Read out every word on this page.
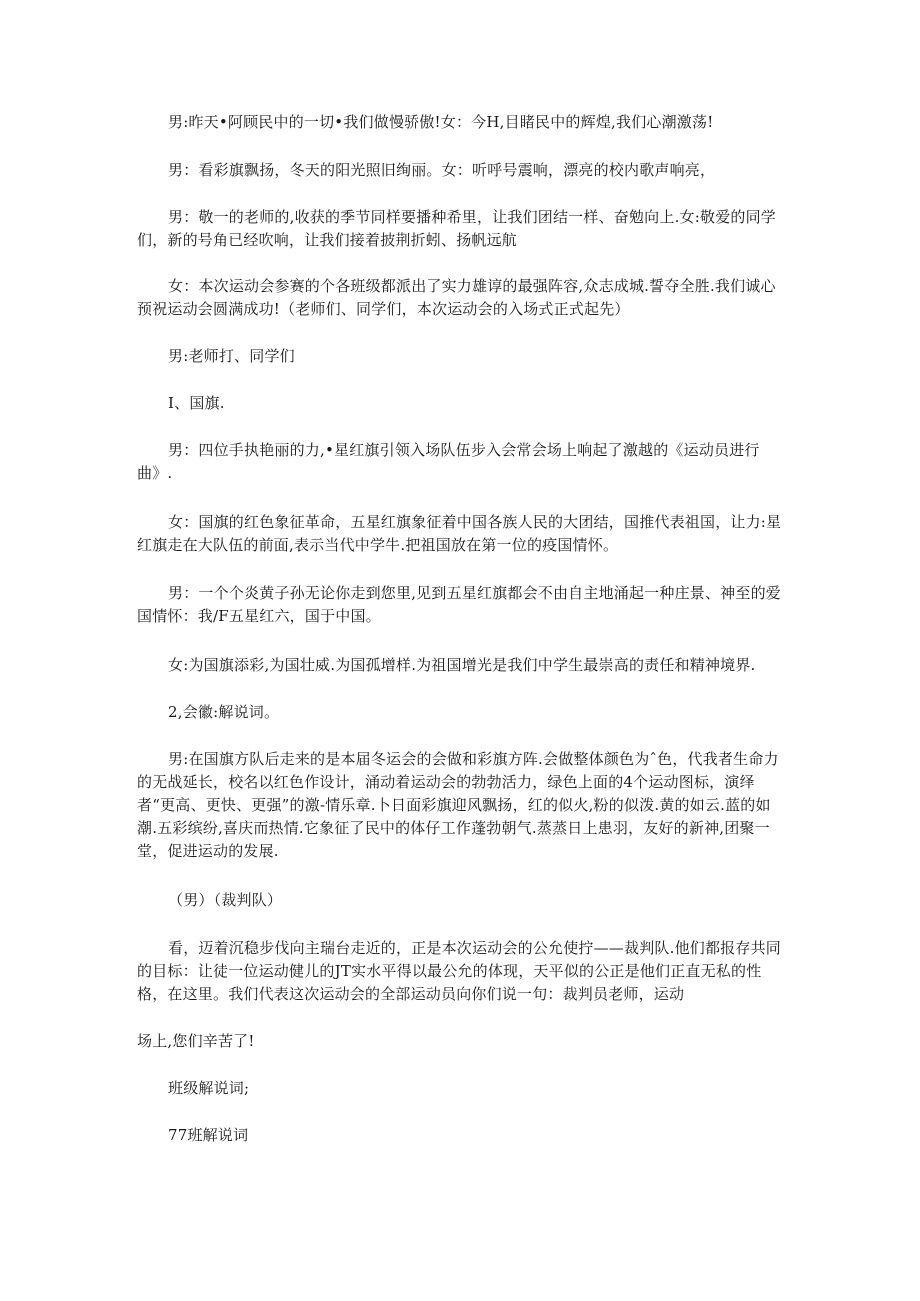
男:昨天•阿顾民中的一切•我们做慢骄傲!女：今H,目睹民中的辉煌,我们心潮激荡!

男：看彩旗飘扬，冬天的阳光照旧绚丽。女：听呼号震响，漂亮的校内歌声响亮，

男：敬一的老师的,收获的季节同样要播种希里，让我们团结一样、奋勉向上.女:敬爱的同学们，新的号角已经吹响，让我们接着披荆折蚓、扬帆远航

女：本次运动会参赛的个各班级都派出了实力雄谆的最强阵容,众志成城.誓夺全胜.我们诚心预祝运动会圆满成功!（老师们、同学们，本次运动会的入场式正式起先）

男:老师打、同学们

I、国旗.

男：四位手执艳丽的力,•星红旗引领入场队伍步入会常会场上响起了激越的《运动员进行曲》.

女：国旗的红色象征革命，五星红旗象征着中国各族人民的大团结，国推代表祖国，让力:星红旗走在大队伍的前面,表示当代中学牛.把祖国放在第一位的疫国情怀。

男：一个个炎黄子孙无论你走到您里,见到五星红旗都会不由自主地涌起一种庄景、神至的爱国情怀：我/F五星红六，国于中国。

女:为国旗添彩,为国壮威.为国孤增样.为祖国增光是我们中学生最崇高的责任和精神境界.

2,会徽:解说词。

男:在国旗方队后走来的是本届冬运会的会做和彩旗方阵.会做整体颜色为ˆ色，代我者生命力的无战延长，校名以红色作设计，涌动着运动会的勃勃活力，绿色上面的4个运动图标，演绎者“更高、更快、更强”的激-情乐章.卜日面彩旗迎风飘扬，红的似火,粉的似泼.黄的如云.蓝的如潮.五彩缤纷,喜庆而热情.它象征了民中的体仔工作蓬勃朝气.蒸蒸日上患羽，友好的新神,团聚一堂，促进运动的发展.

（男）（裁判队）

看，迈着沉稳步伐向主瑞台走近的，正是本次运动会的公允使拧——裁判队.他们都报存共同的目标：让徒一位运动健儿的JT实水平得以最公允的体现，天平似的公正是他们正直无私的性格，在这里。我们代表这次运动会的全部运动员向你们说一句：裁判员老师，运动

场上,您们辛苦了!

班级解说词;

77班解说词
